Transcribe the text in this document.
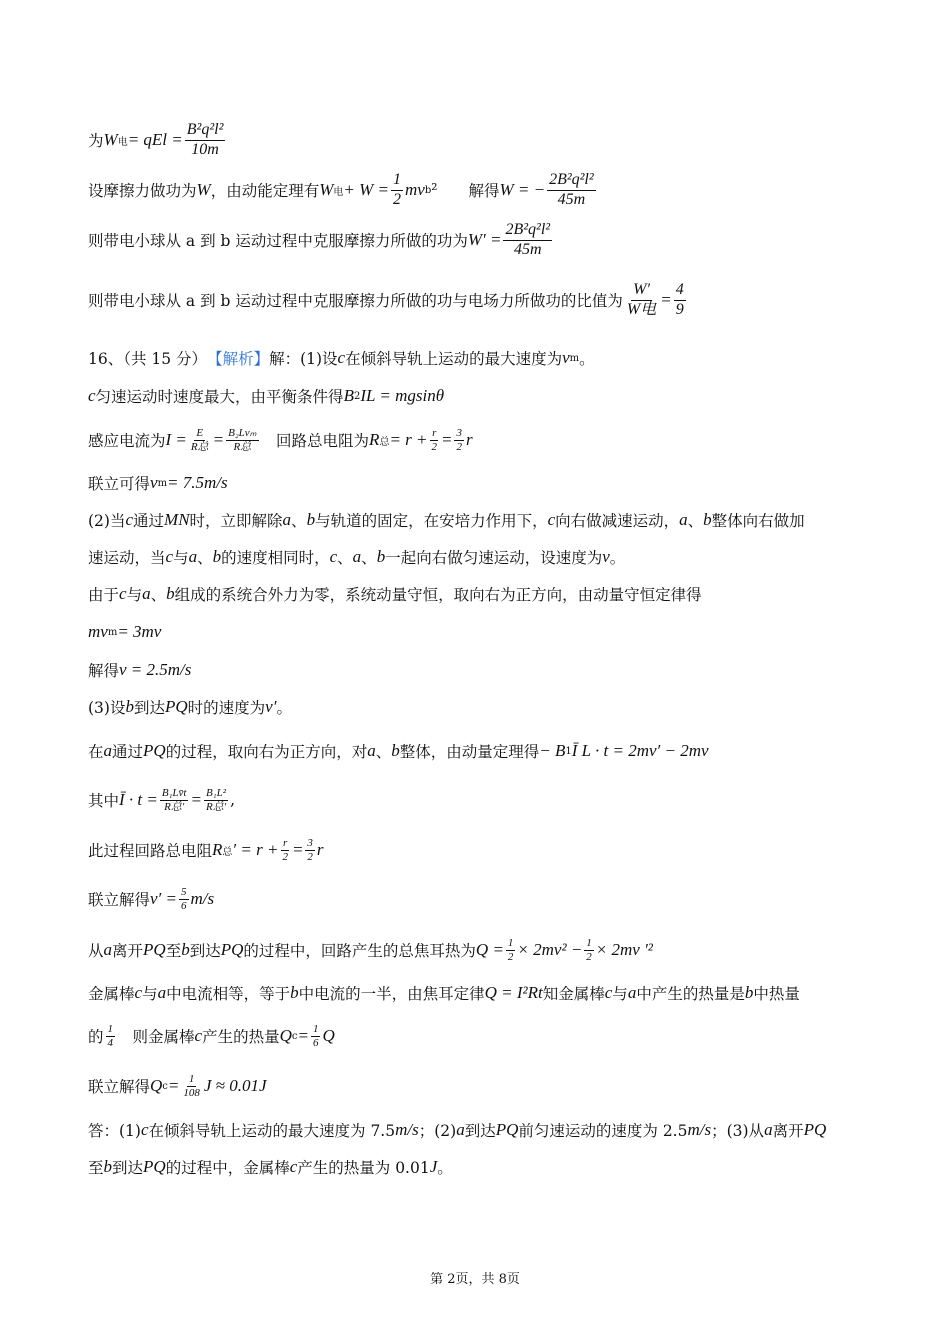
为 W 电 = qEl = $\frac{\text{B²q²l²}}{10m}$
设摩擦力做功为 W ，由动能定理有 W 电 + $W = \frac{1}{2}$ mv b ² 　　解得 W = − $\frac{\text{2B²q²l²}}{45m}$
则带电小球从 a 到 b 运动过程中克服摩擦力所做的功为 $W' = \frac{\text{2B²q²l²}}{45m}$
则带电小球从 a 到 b 运动过程中克服摩擦力所做的功与电场力所做功的比值为 $\frac{W'}{\text{W电}} = \frac{4}{9}$
16、（共 15 分） 【解析】 解：(1)设 c 在倾斜导轨上运动的最大速度为 v m 。
c 匀速运动时速度最大，由平衡条件得 B 2 IL = mgsinθ
感应电流为 $I = \frac{E}{\text{R总}} = \frac{\text{B₂Lvₘ}}{\text{R总}}$ 　回路总电阻为 R 总 = $r + \frac{r}{2} = \frac{3}{2}$ r
联立可得 v m = 7.5m/s
(2)当 c 通过 MN 时，立即解除 a 、 b 与轨道的固定，在安培力作用下， c 向右做减速运动， a 、 b 整体向右做加
速运动，当 c 与 a 、 b 的速度相同时， c 、 a 、 b 一起向右做匀速运动，设速度为 v 。
由于 c 与 a 、 b 组成的系统合外力为零，系统动量守恒，取向右为正方向，由动量守恒定律得
mv m = 3mv
解得 v = 2.5m/s
(3)设 b 到达 PQ 时的速度为 v′ 。
在 a 通过 PQ 的过程，取向右为正方向，对 a 、 b 整体，由动量定理得 − B 1 Ī L · t = 2mv′ − 2mv
其中 Ī · $t = \frac{\text{B₁Lv̄t}}{\text{R总′}} = \frac{\text{B₁L²}}{\text{R总′}}$ ,
此过程回路总电阻 R 总 ′ = $r + \frac{r}{2} = \frac{3}{2}$ r
联立解得 $v' = \frac{5}{6} m/s$
从 a 离开 PQ 至 b 到达 PQ 的过程中，回路产生的总焦耳热为 $Q = \frac{1}{2} \times 2mv^2 - \frac{1}{2} \times 2mv$ ′²
金属棒 c 与 a 中电流相等，等于 b 中电流的一半，由焦耳定律 Q = I²Rt 知金属棒 c 与 a 中产生的热量是 b 中热量
的 $\frac{1}{4}$ 　则金属棒 c 产生的热量 Q $c = \frac{1}{6}$ Q
联立解得 Q $c = \frac{1}{108}$ J ≈ 0.01J
答：(1) c 在倾斜导轨上运动的最大速度为 7.5 m/s ；(2) a 到达 PQ 前匀速运动的速度为 2.5 m/s ；(3)从 a 离开 PQ
至 b 到达 PQ 的过程中，金属棒 c 产生的热量为 0.01 J 。
第 2页，共 8页
